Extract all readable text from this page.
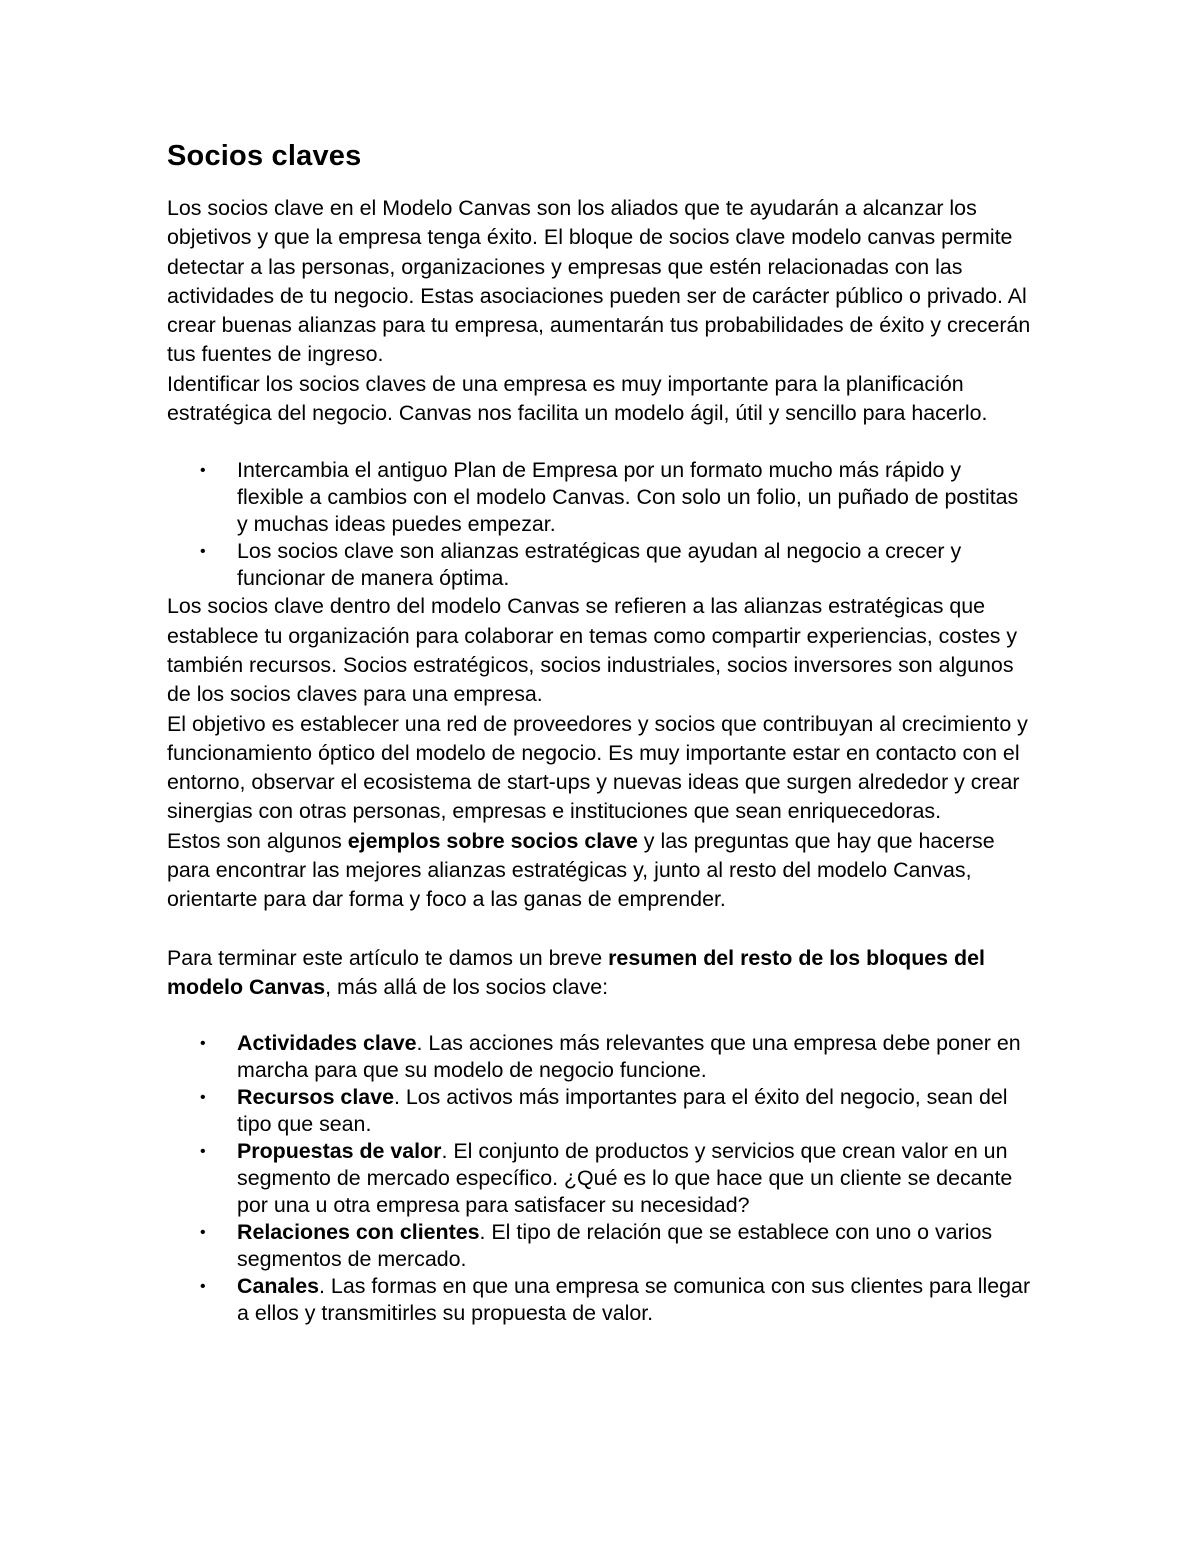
Socios claves

Los socios clave en el Modelo Canvas son los aliados que te ayudarán a alcanzar los objetivos y que la empresa tenga éxito. El bloque de socios clave modelo canvas permite detectar a las personas, organizaciones y empresas que estén relacionadas con las actividades de tu negocio. Estas asociaciones pueden ser de carácter público o privado. Al crear buenas alianzas para tu empresa, aumentarán tus probabilidades de éxito y crecerán tus fuentes de ingreso.

Identificar los socios claves de una empresa es muy importante para la planificación estratégica del negocio. Canvas nos facilita un modelo ágil, útil y sencillo para hacerlo.

• Intercambia el antiguo Plan de Empresa por un formato mucho más rápido y flexible a cambios con el modelo Canvas. Con solo un folio, un puñado de postitas y muchas ideas puedes empezar.
• Los socios clave son alianzas estratégicas que ayudan al negocio a crecer y funcionar de manera óptima.

Los socios clave dentro del modelo Canvas se refieren a las alianzas estratégicas que establece tu organización para colaborar en temas como compartir experiencias, costes y también recursos. Socios estratégicos, socios industriales, socios inversores son algunos de los socios claves para una empresa.

El objetivo es establecer una red de proveedores y socios que contribuyan al crecimiento y funcionamiento óptico del modelo de negocio. Es muy importante estar en contacto con el entorno, observar el ecosistema de start-ups y nuevas ideas que surgen alrededor y crear sinergias con otras personas, empresas e instituciones que sean enriquecedoras.

Estos son algunos ejemplos sobre socios clave y las preguntas que hay que hacerse para encontrar las mejores alianzas estratégicas y, junto al resto del modelo Canvas, orientarte para dar forma y foco a las ganas de emprender.

Para terminar este artículo te damos un breve resumen del resto de los bloques del modelo Canvas, más allá de los socios clave:

• Actividades clave. Las acciones más relevantes que una empresa debe poner en marcha para que su modelo de negocio funcione.
• Recursos clave. Los activos más importantes para el éxito del negocio, sean del tipo que sean.
• Propuestas de valor. El conjunto de productos y servicios que crean valor en un segmento de mercado específico. ¿Qué es lo que hace que un cliente se decante por una u otra empresa para satisfacer su necesidad?
• Relaciones con clientes. El tipo de relación que se establece con uno o varios segmentos de mercado.
• Canales. Las formas en que una empresa se comunica con sus clientes para llegar a ellos y transmitirles su propuesta de valor.
